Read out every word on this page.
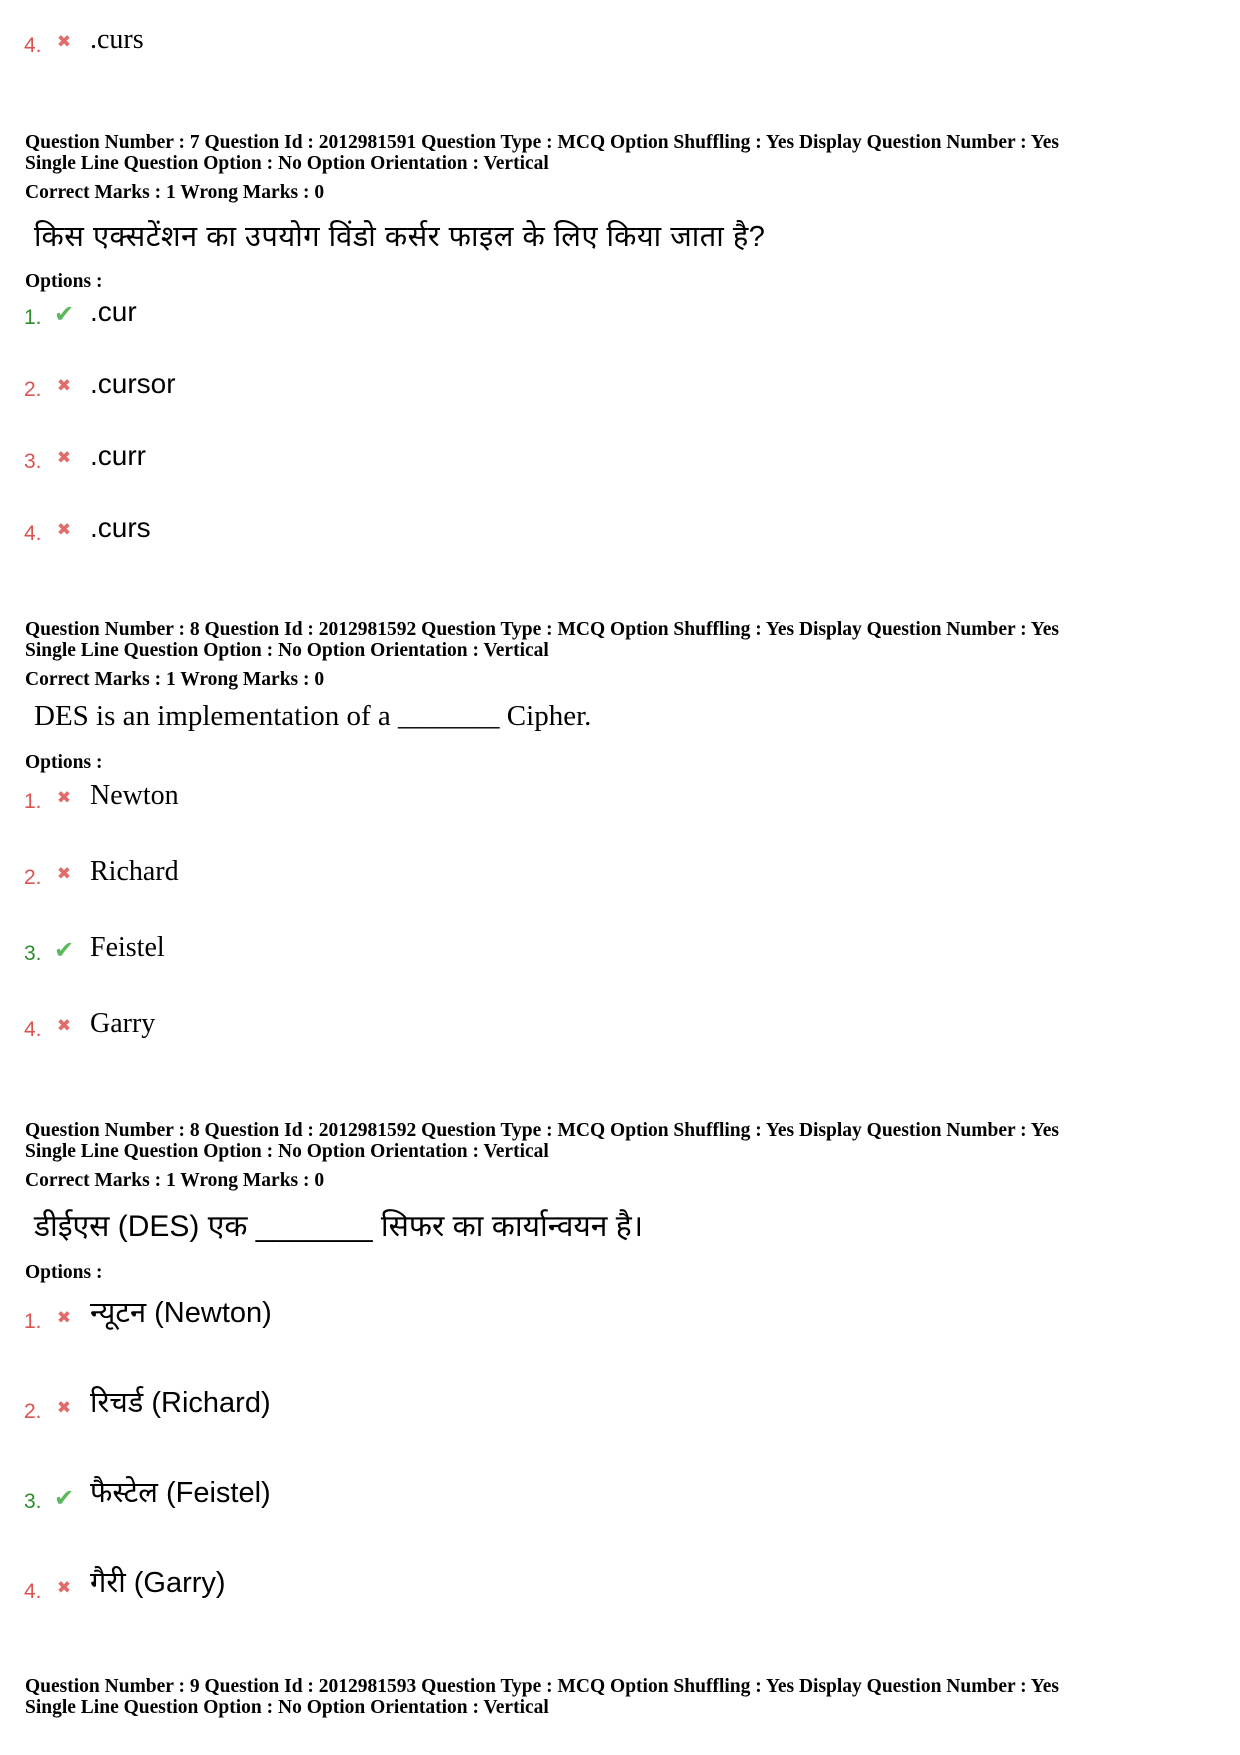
4. ✖ .curs
Question Number : 7 Question Id : 2012981591 Question Type : MCQ Option Shuffling : Yes Display Question Number : Yes
Single Line Question Option : No Option Orientation : Vertical
Correct Marks : 1 Wrong Marks : 0
किस एक्सटेंशन का उपयोग विंडो कर्सर फाइल के लिए किया जाता है?
Options :
1. ✔ .cur
2. ✖ .cursor
3. ✖ .curr
4. ✖ .curs
Question Number : 8 Question Id : 2012981592 Question Type : MCQ Option Shuffling : Yes Display Question Number : Yes
Single Line Question Option : No Option Orientation : Vertical
Correct Marks : 1 Wrong Marks : 0
DES is an implementation of a _______ Cipher.
Options :
1. ✖ Newton
2. ✖ Richard
3. ✔ Feistel
4. ✖ Garry
Question Number : 8 Question Id : 2012981592 Question Type : MCQ Option Shuffling : Yes Display Question Number : Yes
Single Line Question Option : No Option Orientation : Vertical
Correct Marks : 1 Wrong Marks : 0
डीईएस (DES) एक _______ सिफर का कार्यान्वयन है।
Options :
1. ✖ न्यूटन (Newton)
2. ✖ रिचर्ड (Richard)
3. ✔ फैस्टेल (Feistel)
4. ✖ गैरी (Garry)
Question Number : 9 Question Id : 2012981593 Question Type : MCQ Option Shuffling : Yes Display Question Number : Yes
Single Line Question Option : No Option Orientation : Vertical
